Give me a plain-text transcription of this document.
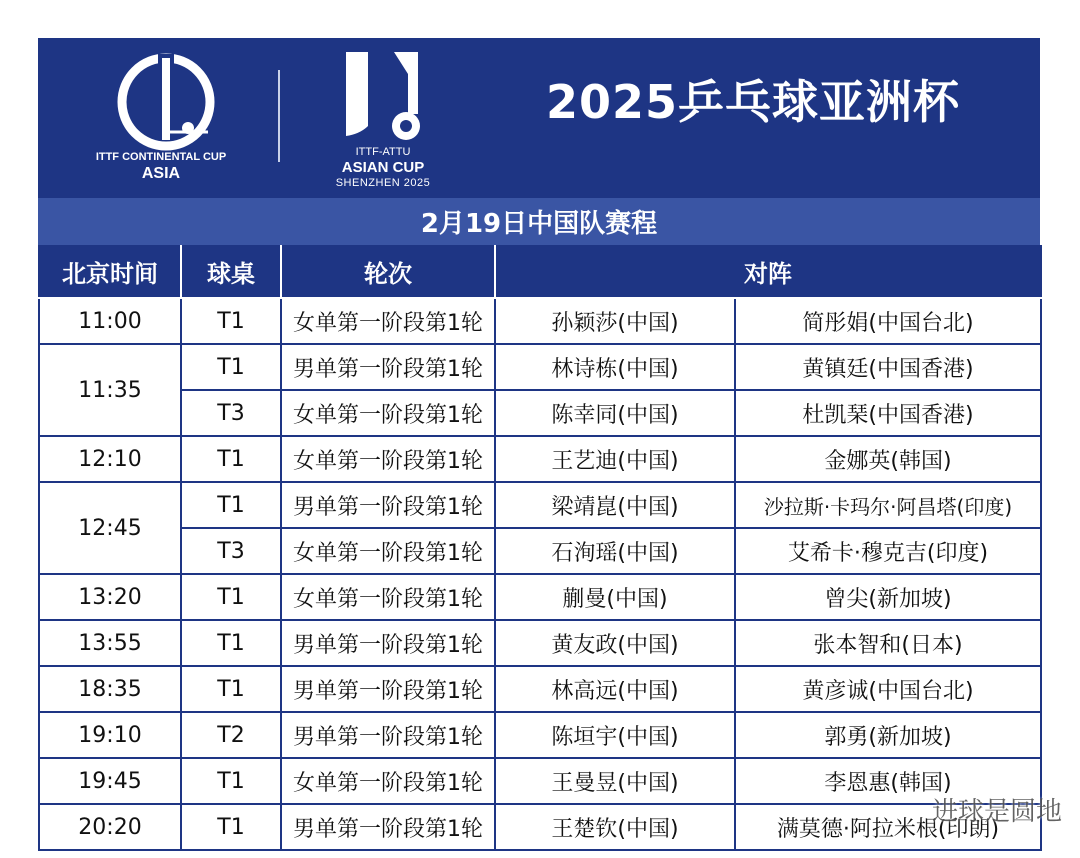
ITTF CONTINENTAL CUP
ASIA
ITTF-ATTU
ASIAN CUP
SHENZHEN 2025
2025乒乓球亚洲杯
2月19日中国队赛程
北京时间	球桌	轮次	对阵	
11:00	T1	女单第一阶段第1轮	孙颖莎(中国)	简彤娟(中国台北)
11:35	T1	男单第一阶段第1轮	林诗栋(中国)	黄镇廷(中国香港)
	T3	女单第一阶段第1轮	陈幸同(中国)	杜凯琹(中国香港)
12:10	T1	女单第一阶段第1轮	王艺迪(中国)	金娜英(韩国)
12:45	T1	男单第一阶段第1轮	梁靖崑(中国)	沙拉斯·卡玛尔·阿昌塔(印度)
	T3	女单第一阶段第1轮	石洵瑶(中国)	艾希卡·穆克吉(印度)
13:20	T1	女单第一阶段第1轮	蒯曼(中国)	曾尖(新加坡)
13:55	T1	男单第一阶段第1轮	黄友政(中国)	张本智和(日本)
18:35	T1	男单第一阶段第1轮	林高远(中国)	黄彦诚(中国台北)
19:10	T2	男单第一阶段第1轮	陈垣宇(中国)	郭勇(新加坡)
19:45	T1	女单第一阶段第1轮	王曼昱(中国)	李恩惠(韩国)
20:20	T1	男单第一阶段第1轮	王楚钦(中国)	满莫德·阿拉米根(印朗)
进球是圆地
